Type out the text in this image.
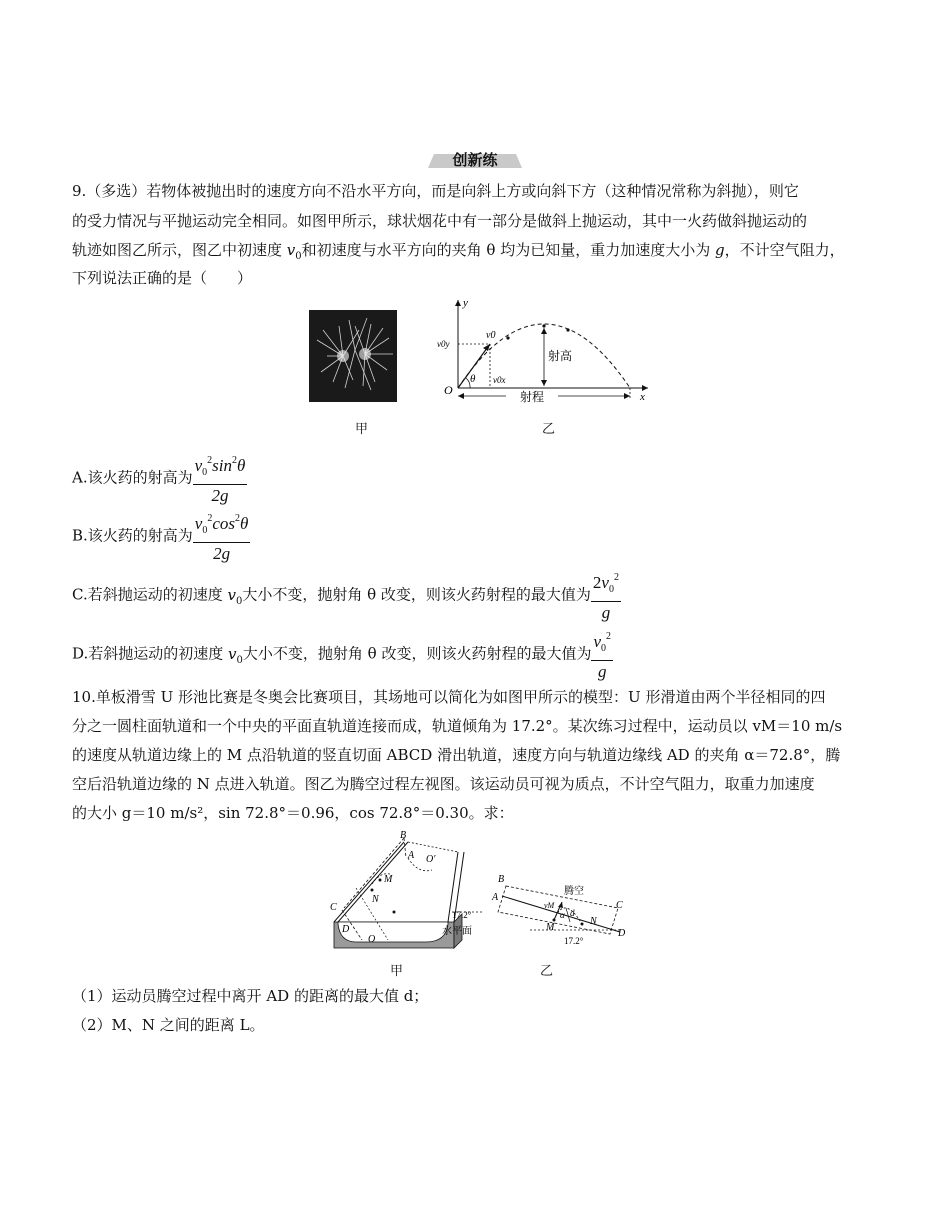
创新练
9.（多选）若物体被抛出时的速度方向不沿水平方向，而是向斜上方或向斜下方（这种情况常称为斜抛），则它
的受力情况与平抛运动完全相同。如图甲所示，球状烟花中有一部分是做斜上抛运动，其中一火药做斜抛运动的
轨迹如图乙所示，图乙中初速度 $v_0$和初速度与水平方向的夹角 θ 均为已知量，重力加速度大小为 g，不计空气阻力，
下列说法正确的是（　　）
甲
y
x
O
v0
v0y
v0x
θ
射高
射程
乙
A.该火药的射高为 $\frac{v_0^2\sin^2\theta}{2g}$
B.该火药的射高为 $\frac{v_0^2\cos^2\theta}{2g}$
C.若斜抛运动的初速度 $v_0$大小不变，抛射角 θ 改变，则该火药射程的最大值为 $\frac{2v_0^2}{g}$
D.若斜抛运动的初速度 $v_0$大小不变，抛射角 θ 改变，则该火药射程的最大值为 $\frac{v_0^2}{g}$
10.单板滑雪 U 形池比赛是冬奥会比赛项目，其场地可以简化为如图甲所示的模型：U 形滑道由两个半径相同的四
分之一圆柱面轨道和一个中央的平面直轨道连接而成，轨道倾角为 17.2°。某次练习过程中，运动员以 vM＝10 m/s
的速度从轨道边缘上的 M 点沿轨道的竖直切面 ABCD 滑出轨道，速度方向与轨道边缘线 AD 的夹角 α＝72.8°，腾
空后沿轨道边缘的 N 点进入轨道。图乙为腾空过程左视图。该运动员可视为质点，不计空气阻力，取重力加速度
的大小 g＝10 m/s²，sin 72.8°＝0.96，cos 72.8°＝0.30。求：
B
A O′
M
N
C
D
O
17.2°
水平面
甲
B
A
C
D
M
N
vM
α d
腾空
17.2°
乙
（1）运动员腾空过程中离开 AD 的距离的最大值 d；
（2）M、N 之间的距离 L。
